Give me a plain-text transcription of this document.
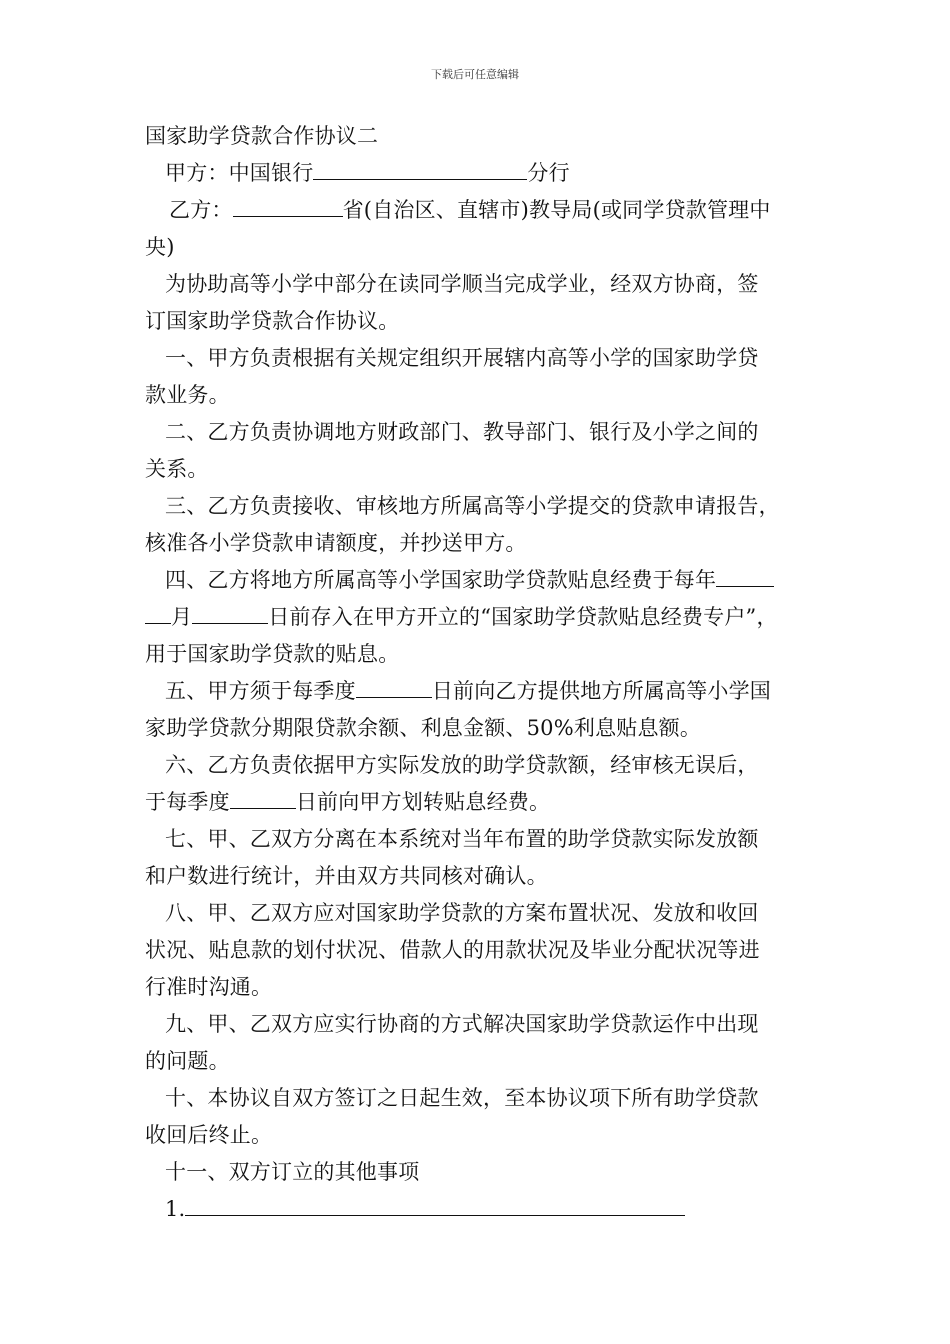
下载后可任意编辑
国家助学贷款合作协议二
甲方：中国银行	分行
乙方：	省(自治区、直辖市)教导局(或同学贷款管理中
央)
为协助高等小学中部分在读同学顺当完成学业，经双方协商，签
订国家助学贷款合作协议。
一、甲方负责根据有关规定组织开展辖内高等小学的国家助学贷
款业务。
二、乙方负责协调地方财政部门、教导部门、银行及小学之间的
关系。
三、乙方负责接收、审核地方所属高等小学提交的贷款申请报告，
核准各小学贷款申请额度，并抄送甲方。
四、乙方将地方所属高等小学国家助学贷款贴息经费于每年
月	日前存入在甲方开立的“国家助学贷款贴息经费专户”，
用于国家助学贷款的贴息。
五、甲方须于每季度	日前向乙方提供地方所属高等小学国
家助学贷款分期限贷款余额、利息金额、50%利息贴息额。
六、乙方负责依据甲方实际发放的助学贷款额，经审核无误后，
于每季度	日前向甲方划转贴息经费。
七、甲、乙双方分离在本系统对当年布置的助学贷款实际发放额
和户数进行统计，并由双方共同核对确认。
八、甲、乙双方应对国家助学贷款的方案布置状况、发放和收回
状况、贴息款的划付状况、借款人的用款状况及毕业分配状况等进
行准时沟通。
九、甲、乙双方应实行协商的方式解决国家助学贷款运作中出现
的问题。
十、本协议自双方签订之日起生效，至本协议项下所有助学贷款
收回后终止。
十一、双方订立的其他事项
1.
